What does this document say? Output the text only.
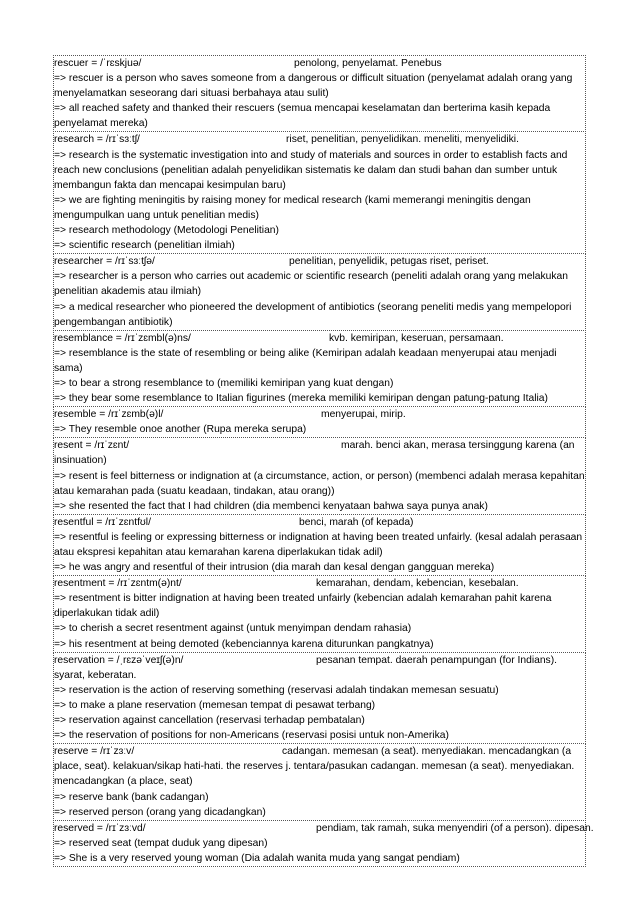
rescuer = /ˈrɛskjuə/	penolong, penyelamat. Penebus
=> rescuer is a person who saves someone from a dangerous or difficult situation (penyelamat adalah orang yang menyelamatkan seseorang dari situasi berbahaya atau sulit)
=> all reached safety and thanked their rescuers (semua mencapai keselamatan dan berterima kasih kepada penyelamat mereka)
research = /rɪˈsɜːtʃ/	riset, penelitian, penyelidikan. meneliti, menyelidiki.
=> research is the systematic investigation into and study of materials and sources in order to establish facts and reach new conclusions (penelitian adalah penyelidikan sistematis ke dalam dan studi bahan dan sumber untuk membangun fakta dan mencapai kesimpulan baru)
=> we are fighting meningitis by raising money for medical research (kami memerangi meningitis dengan mengumpulkan uang untuk penelitian medis)
=> research methodology (Metodologi Penelitian)
=> scientific research (penelitian ilmiah)
researcher = /rɪˈsɜːtʃə/	penelitian, penyelidik, petugas riset, periset.
=> researcher is a person who carries out academic or scientific research (peneliti adalah orang yang melakukan penelitian akademis atau ilmiah)
=> a medical researcher who pioneered the development of antibiotics (seorang peneliti medis yang mempelopori pengembangan antibiotik)
resemblance = /rɪˈzɛmbl(ə)ns/	kvb. kemiripan, keseruan, persamaan.
=> resemblance is the state of resembling or being alike (Kemiripan adalah keadaan menyerupai atau menjadi sama)
=> to bear a strong resemblance to (memiliki kemiripan yang kuat dengan)
=> they bear some resemblance to Italian figurines (mereka memiliki kemiripan dengan patung-patung Italia)
resemble = /rɪˈzɛmb(ə)l/	menyerupai, mirip.
=> They resemble onoe another (Rupa mereka serupa)
resent = /rɪˈzɛnt/	marah. benci akan, merasa tersinggung karena (an insinuation)
=> resent is feel bitterness or indignation at (a circumstance, action, or person) (membenci adalah merasa kepahitan atau kemarahan pada (suatu keadaan, tindakan, atau orang))
=> she resented the fact that I had children (dia membenci kenyataan bahwa saya punya anak)
resentful = /rɪˈzɛntfʊl/	benci, marah (of kepada)
=> resentful is feeling or expressing bitterness or indignation at having been treated unfairly. (kesal adalah perasaan atau ekspresi kepahitan atau kemarahan karena diperlakukan tidak adil)
=> he was angry and resentful of their intrusion (dia marah dan kesal dengan gangguan mereka)
resentment = /rɪˈzɛntm(ə)nt/	kemarahan, dendam, kebencian, kesebalan.
=> resentment is bitter indignation at having been treated unfairly (kebencian adalah kemarahan pahit karena diperlakukan tidak adil)
=> to cherish a secret resentment against (untuk menyimpan dendam rahasia)
=> his resentment at being demoted (kebenciannya karena diturunkan pangkatnya)
reservation = /ˌrɛzəˈveɪʃ(ə)n/	pesanan tempat. daerah penampungan (for Indians). syarat, keberatan.
=> reservation is the action of reserving something (reservasi adalah tindakan memesan sesuatu)
=> to make a plane reservation (memesan tempat di pesawat terbang)
=> reservation against cancellation (reservasi terhadap pembatalan)
=> the reservation of positions for non-Americans (reservasi posisi untuk non-Amerika)
reserve = /rɪˈzɜːv/	cadangan. memesan (a seat). menyediakan. mencadangkan (a place, seat). kelakuan/sikap hati-hati. the reserves j. tentara/pasukan cadangan. memesan (a seat). menyediakan. mencadangkan (a place, seat)
=> reserve bank (bank cadangan)
=> reserved person (orang yang dicadangkan)
reserved = /rɪˈzɜːvd/	pendiam, tak ramah, suka menyendiri (of a person). dipesan.
=> reserved seat (tempat duduk yang dipesan)
=> She is a very reserved young woman (Dia adalah wanita muda yang sangat pendiam)
